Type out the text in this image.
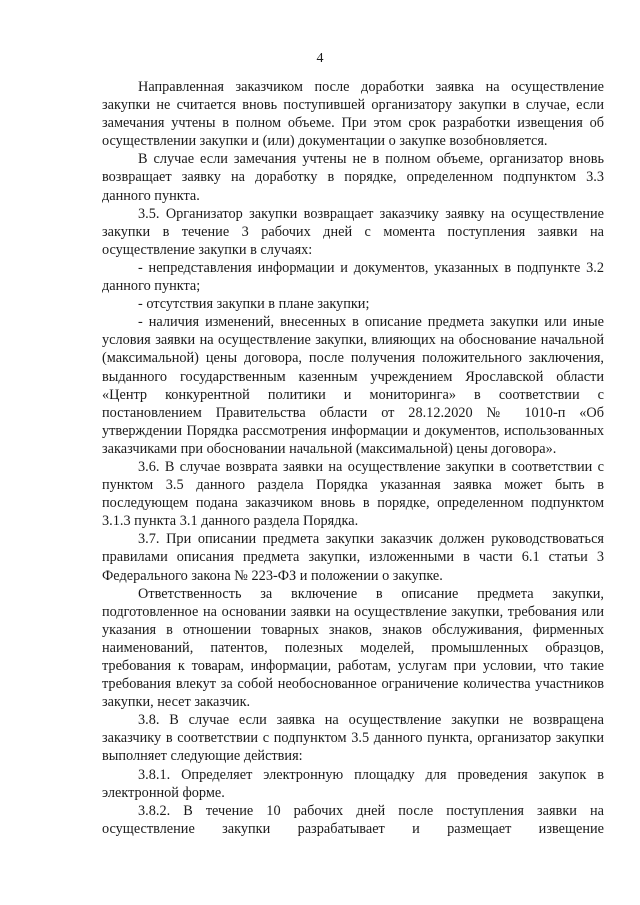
4

Направленная заказчиком после доработки заявка на осуществление закупки не считается вновь поступившей организатору закупки в случае, если замечания учтены в полном объеме. При этом срок разработки извещения об осуществлении закупки и (или) документации о закупке возобновляется.

В случае если замечания учтены не в полном объеме, организатор вновь возвращает заявку на доработку в порядке, определенном подпунктом 3.3 данного пункта.

3.5. Организатор закупки возвращает заказчику заявку на осуществление закупки в течение 3 рабочих дней с момента поступления заявки на осуществление закупки в случаях:

- непредставления информации и документов, указанных в подпункте 3.2 данного пункта;

- отсутствия закупки в плане закупки;

- наличия изменений, внесенных в описание предмета закупки или иные условия заявки на осуществление закупки, влияющих на обоснование начальной (максимальной) цены договора, после получения положительного заключения, выданного государственным казенным учреждением Ярославской области «Центр конкурентной политики и мониторинга» в соответствии с постановлением Правительства области от 28.12.2020 № 1010-п «Об утверждении Порядка рассмотрения информации и документов, использованных заказчиками при обосновании начальной (максимальной) цены договора».

3.6. В случае возврата заявки на осуществление закупки в соответствии с пунктом 3.5 данного раздела Порядка указанная заявка может быть в последующем подана заказчиком вновь в порядке, определенном подпунктом 3.1.3 пункта 3.1 данного раздела Порядка.

3.7. При описании предмета закупки заказчик должен руководствоваться правилами описания предмета закупки, изложенными в части 6.1 статьи 3 Федерального закона № 223-ФЗ и положении о закупке.

Ответственность за включение в описание предмета закупки, подготовленное на основании заявки на осуществление закупки, требования или указания в отношении товарных знаков, знаков обслуживания, фирменных наименований, патентов, полезных моделей, промышленных образцов, требования к товарам, информации, работам, услугам при условии, что такие требования влекут за собой необоснованное ограничение количества участников закупки, несет заказчик.

3.8. В случае если заявка на осуществление закупки не возвращена заказчику в соответствии с подпунктом 3.5 данного пункта, организатор закупки выполняет следующие действия:

3.8.1. Определяет электронную площадку для проведения закупок в электронной форме.

3.8.2. В течение 10 рабочих дней после поступления заявки на осуществление закупки разрабатывает и размещает извещение
